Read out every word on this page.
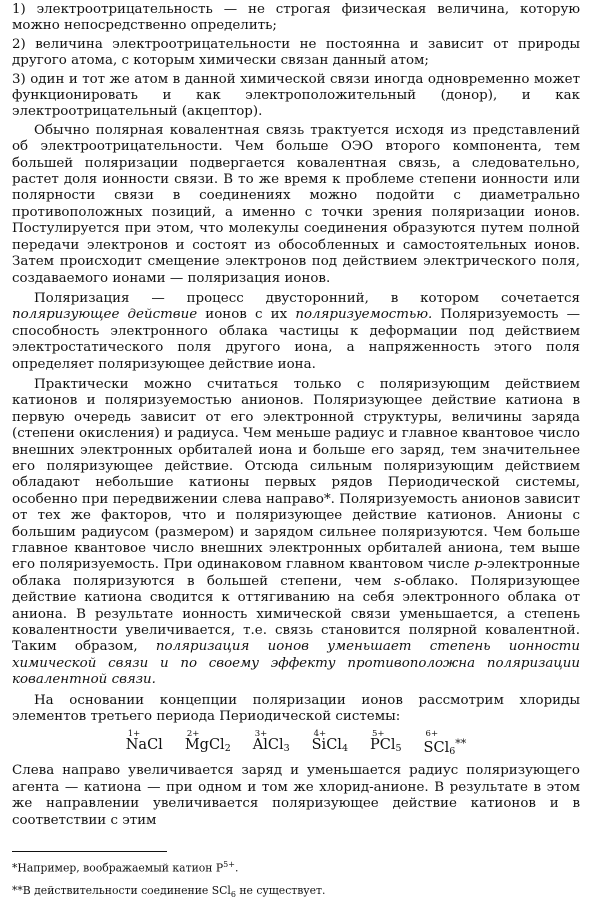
1) электроотрицательность — не строгая физическая величина, которую можно непосредственно определить;

2) величина электроотрицательности не постоянна и зависит от природы другого атома, с которым химически связан данный атом;

3) один и тот же атом в данной химической связи иногда одновременно может функционировать и как электроположительный (донор), и как электроотрицательный (акцептор).

Обычно полярная ковалентная связь трактуется исходя из представлений об электроотрицательности. Чем больше ОЭО второго компонента, тем большей поляризации подвергается ковалентная связь, а следовательно, растет доля ионности связи. В то же время к проблеме степени ионности или полярности связи в соединениях можно подойти с диаметрально противоположных позиций, а именно с точки зрения поляризации ионов. Постулируется при этом, что молекулы соединения образуются путем полной передачи электронов и состоят из обособленных и самостоятельных ионов. Затем происходит смещение электронов под действием электрического поля, создаваемого ионами — поляризация ионов.

Поляризация — процесс двусторонний, в котором сочетается поляризующее действие ионов с их поляризуемостью. Поляризуемость — способность электронного облака частицы к деформации под действием электростатического поля другого иона, а напряженность этого поля определяет поляризующее действие иона.

Практически можно считаться только с поляризующим действием катионов и поляризуемостью анионов. Поляризующее действие катиона в первую очередь зависит от его электронной структуры, величины заряда (степени окисления) и радиуса. Чем меньше радиус и главное квантовое число внешних электронных орбиталей иона и больше его заряд, тем значительнее его поляризующее действие. Отсюда сильным поляризующим действием обладают небольшие катионы первых рядов Периодической системы, особенно при передвижении слева направо*. Поляризуемость анионов зависит от тех же факторов, что и поляризующее действие катионов. Анионы с большим радиусом (размером) и зарядом сильнее поляризуются. Чем больше главное квантовое число внешних электронных орбиталей аниона, тем выше его поляризуемость. При одинаковом главном квантовом числе p-электронные облака поляризуются в большей степени, чем s-облако. Поляризующее действие катиона сводится к оттягиванию на себя электронного облака от аниона. В результате ионность химической связи уменьшается, а степень ковалентности увеличивается, т.е. связь становится полярной ковалентной. Таким образом, поляризация ионов уменьшает степень ионности химической связи и по своему эффекту противоположна поляризации ковалентной связи.

На основании концепции поляризации ионов рассмотрим хлориды элементов третьего периода Периодической системы:

1+
NaCl
2+
MgCl$_2$
3+
AlCl$_3$
4+
SiCl$_4$
5+
PCl$_5$
6+
SCl$_6$**

Слева направо увеличивается заряд и уменьшается радиус поляризующего агента — катиона — при одном и том же хлорид-анионе. В результате в этом же направлении увеличивается поляризующее действие катионов и в соответствии с этим

*Например, воображаемый катион $P^{5+}$.

**В действительности соединение SCl$_6$ не существует.
